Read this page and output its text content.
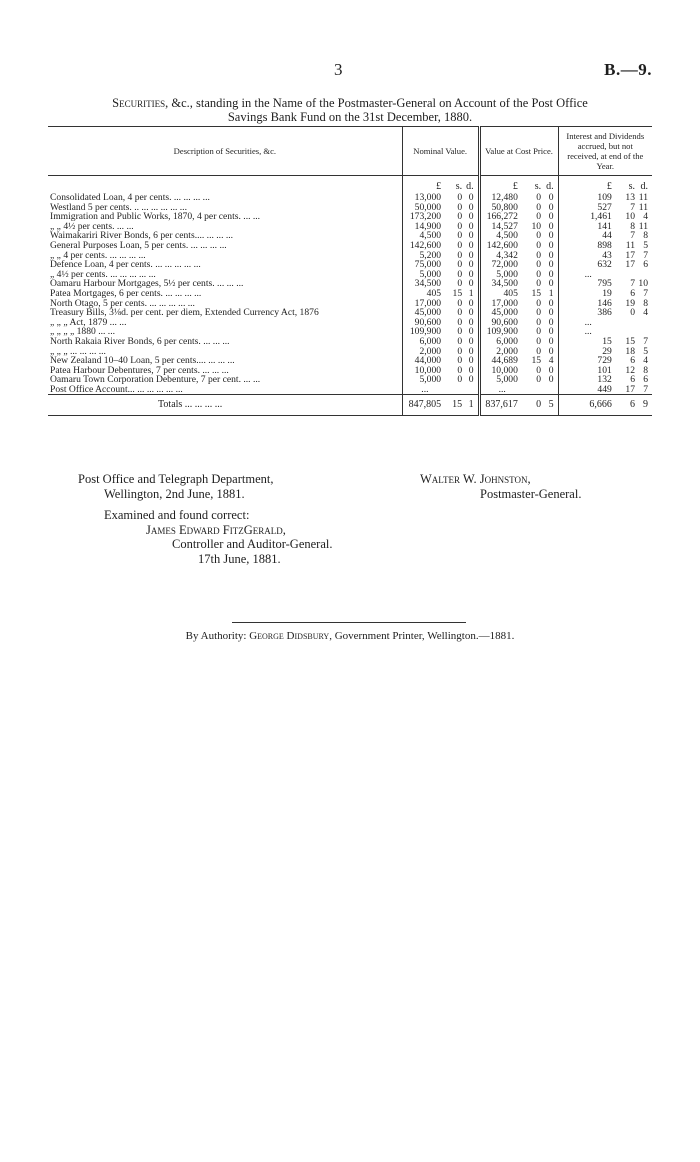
3	B.—9.
Securities, &c., standing in the Name of the Postmaster-General on Account of the Post Office
Savings Bank Fund on the 31st December, 1880.
Description of Securities, &c.	Nominal Value.			Value at Cost Price.			Interest and Dividends accrued, but not received, at end of the Year.		
	£	s.	d.	£	s.	d.	£	s.	d.
Consolidated Loan, 4 per cents. ... ... ... ...	13,000	0	0	12,480	0	0	109	13	11
Westland 5 per cents. .. ... ... ... ... ...	50,000	0	0	50,800	0	0	527	7	11
Immigration and Public Works, 1870, 4 per cents. ... ...	173,200	0	0	166,272	0	0	1,461	10	4
„ „ 4½ per cents. ... ...	14,900	0	0	14,527	10	0	141	8	11
Waimakariri River Bonds, 6 per cents.... ... ... ...	4,500	0	0	4,500	0	0	44	7	8
General Purposes Loan, 5 per cents. ... ... ... ...	142,600	0	0	142,600	0	0	898	11	5
„ „ 4 per cents. ... ... ... ...	5,200	0	0	4,342	0	0	43	17	7
Defence Loan, 4 per cents. ... ... ... ... ...	75,000	0	0	72,000	0	0	632	17	6
„ 4½ per cents. ... ... ... ... ...	5,000	0	0	5,000	0	0	...		
Oamaru Harbour Mortgages, 5½ per cents. ... ... ...	34,500	0	0	34,500	0	0	795	7	10
Patea Mortgages, 6 per cents. ... ... ... ...	405	15	1	405	15	1	19	6	7
North Otago, 5 per cents. ... ... ... ... ...	17,000	0	0	17,000	0	0	146	19	8
Treasury Bills, 3⅛d. per cent. per diem, Extended Currency Act, 1876	45,000	0	0	45,000	0	0	386	0	4
„ „ „ Act, 1879 ... ...	90,600	0	0	90,600	0	0	...		
„ „ „ „ 1880 ... ...	109,900	0	0	109,900	0	0	...		
North Rakaia River Bonds, 6 per cents. ... ... ...	6,000	0	0	6,000	0	0	15	15	7
„ „ „ ... ... ... ...	2,000	0	0	2,000	0	0	29	18	5
New Zealand 10–40 Loan, 5 per cents.... ... ... ...	44,000	0	0	44,689	15	4	729	6	4
Patea Harbour Debentures, 7 per cents. ... ... ...	10,000	0	0	10,000	0	0	101	12	8
Oamaru Town Corporation Debenture, 7 per cent. ... ...	5,000	0	0	5,000	0	0	132	6	6
Post Office Account... ... ... ... ... ...	...			...			449	17	7
Totals ... ... ... ...	847,805	15	1	837,617	0	5	6,666	6	9
Post Office and Telegraph Department,
Wellington, 2nd June, 1881.
Walter W. Johnston,
Postmaster-General.
Examined and found correct:
James Edward FitzGerald,
Controller and Auditor-General.
17th June, 1881.
By Authority: George Didsbury, Government Printer, Wellington.—1881.
